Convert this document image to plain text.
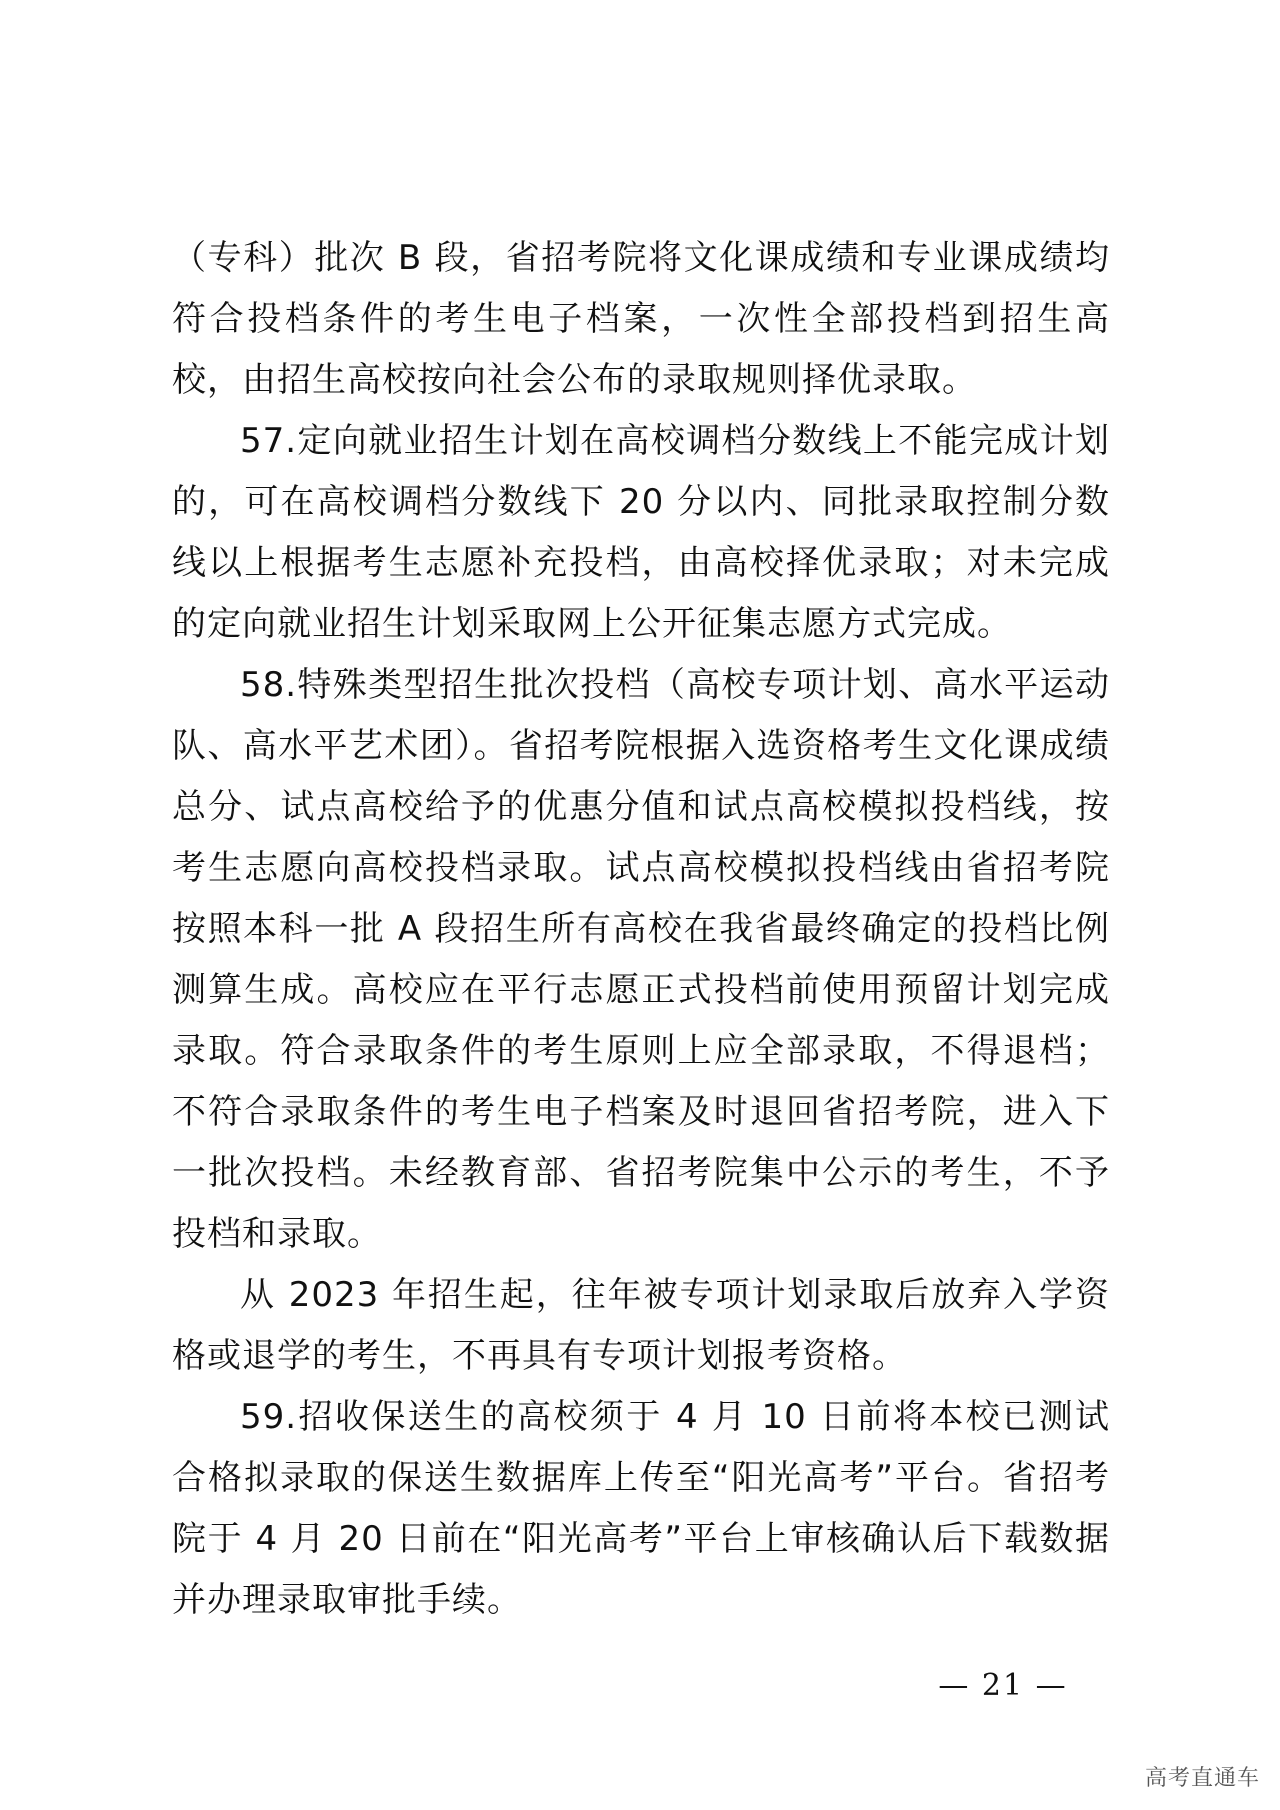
（专科）批次 B 段，省招考院将文化课成绩和专业课成绩均符合投档条件的考生电子档案，一次性全部投档到招生高校，由招生高校按向社会公布的录取规则择优录取。

57.定向就业招生计划在高校调档分数线上不能完成计划的，可在高校调档分数线下 20 分以内、同批录取控制分数线以上根据考生志愿补充投档，由高校择优录取；对未完成的定向就业招生计划采取网上公开征集志愿方式完成。

58.特殊类型招生批次投档（高校专项计划、高水平运动队、高水平艺术团）。省招考院根据入选资格考生文化课成绩总分、试点高校给予的优惠分值和试点高校模拟投档线，按考生志愿向高校投档录取。试点高校模拟投档线由省招考院按照本科一批 A 段招生所有高校在我省最终确定的投档比例测算生成。高校应在平行志愿正式投档前使用预留计划完成录取。符合录取条件的考生原则上应全部录取，不得退档；不符合录取条件的考生电子档案及时退回省招考院，进入下一批次投档。未经教育部、省招考院集中公示的考生，不予投档和录取。

从 2023 年招生起，往年被专项计划录取后放弃入学资格或退学的考生，不再具有专项计划报考资格。

59.招收保送生的高校须于 4 月 10 日前将本校已测试合格拟录取的保送生数据库上传至“阳光高考”平台。省招考院于 4 月 20 日前在“阳光高考”平台上审核确认后下载数据并办理录取审批手续。

— 21 —
高考直通车
